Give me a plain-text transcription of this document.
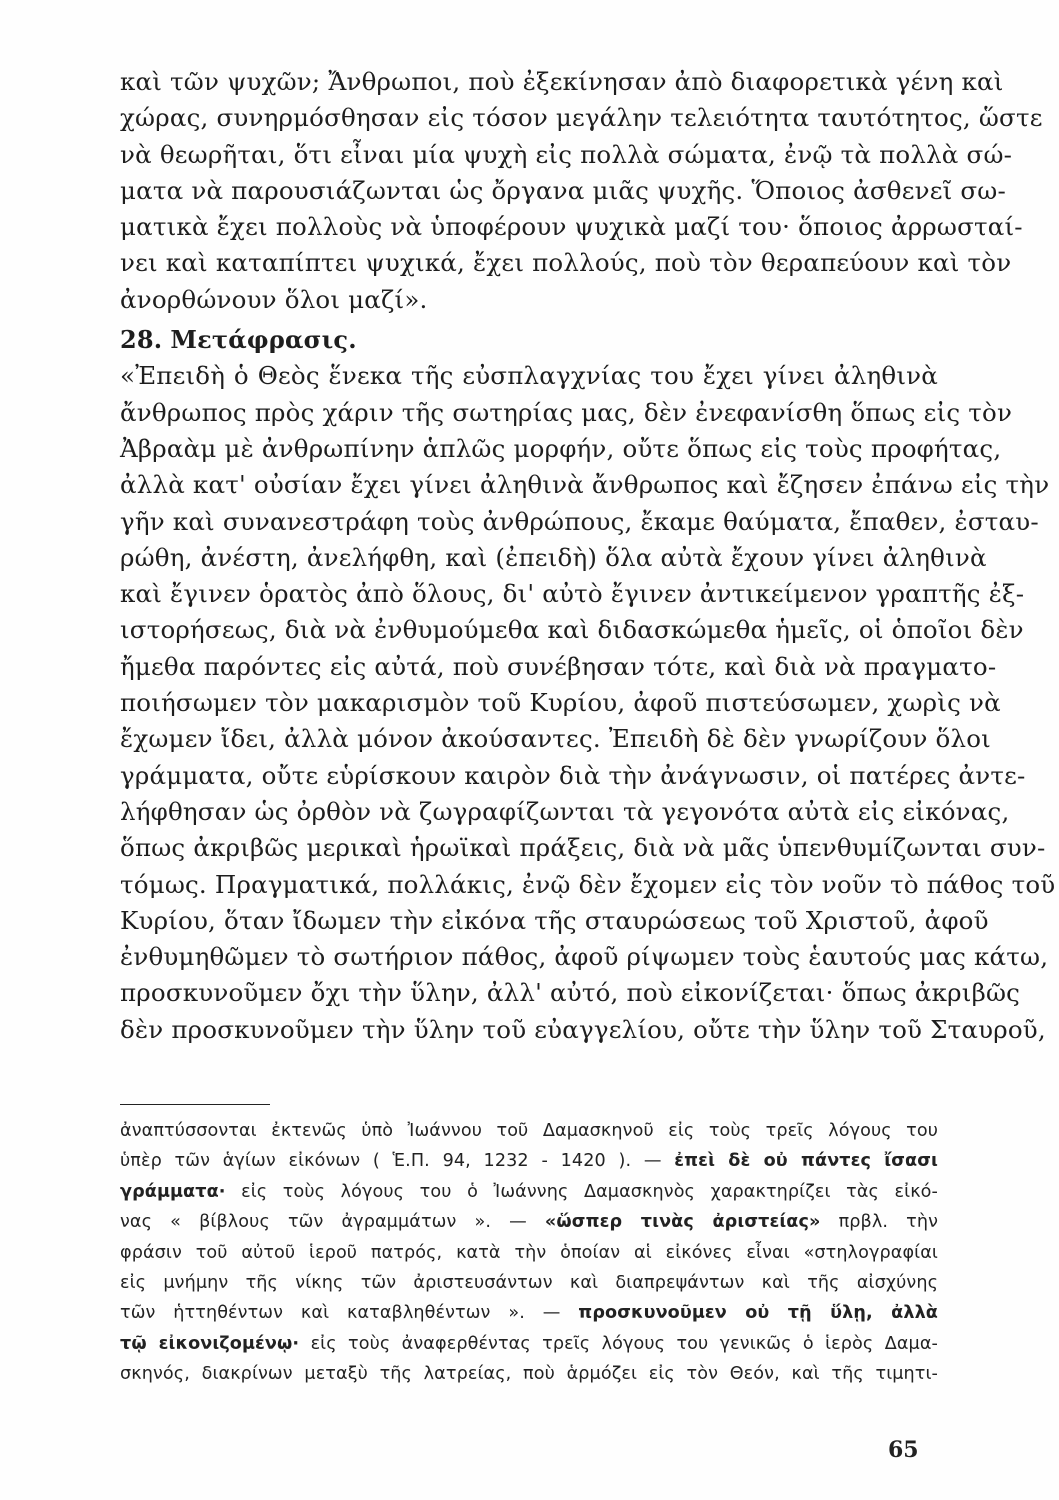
καὶ τῶν ψυχῶν; Ἄνθρωποι, ποὺ ἐξεκίνησαν ἀπὸ διαφορετικὰ γένη καὶ
χώρας, συνηρμόσθησαν εἰς τόσον μεγάλην τελειότητα ταυτότητος, ὥστε
νὰ θεωρῆται, ὅτι εἶναι μία ψυχὴ εἰς πολλὰ σώματα, ἐνῷ τὰ πολλὰ σώ-
ματα νὰ παρουσιάζωνται ὡς ὄργανα μιᾶς ψυχῆς. Ὅποιος ἀσθενεῖ σω-
ματικὰ ἔχει πολλοὺς νὰ ὑποφέρουν ψυχικὰ μαζί του· ὅποιος ἀρρωσταί-
νει καὶ καταπίπτει ψυχικά, ἔχει πολλούς, ποὺ τὸν θεραπεύουν καὶ τὸν
ἀνορθώνουν ὅλοι μαζί».
28. Μετάφρασις.
«Ἐπειδὴ ὁ Θεὸς ἕνεκα τῆς εὐσπλαγχνίας του ἔχει γίνει ἀληθινὰ
ἄνθρωπος πρὸς χάριν τῆς σωτηρίας μας, δὲν ἐνεφανίσθη ὅπως εἰς τὸν
Ἀβραὰμ μὲ ἀνθρωπίνην ἁπλῶς μορφήν, οὔτε ὅπως εἰς τοὺς προφήτας,
ἀλλὰ κατ' οὐσίαν ἔχει γίνει ἀληθινὰ ἄνθρωπος καὶ ἔζησεν ἐπάνω εἰς τὴν
γῆν καὶ συνανεστράφη τοὺς ἀνθρώπους, ἔκαμε θαύματα, ἔπαθεν, ἐσταυ-
ρώθη, ἀνέστη, ἀνελήφθη, καὶ (ἐπειδὴ) ὅλα αὐτὰ ἔχουν γίνει ἀληθινὰ
καὶ ἔγινεν ὁρατὸς ἀπὸ ὅλους, δι' αὐτὸ ἔγινεν ἀντικείμενον γραπτῆς ἐξ-
ιστορήσεως, διὰ νὰ ἐνθυμούμεθα καὶ διδασκώμεθα ἡμεῖς, οἱ ὁποῖοι δὲν
ἤμεθα παρόντες εἰς αὐτά, ποὺ συνέβησαν τότε, καὶ διὰ νὰ πραγματο-
ποιήσωμεν τὸν μακαρισμὸν τοῦ Κυρίου, ἀφοῦ πιστεύσωμεν, χωρὶς νὰ
ἔχωμεν ἴδει, ἀλλὰ μόνον ἀκούσαντες. Ἐπειδὴ δὲ δὲν γνωρίζουν ὅλοι
γράμματα, οὔτε εὑρίσκουν καιρὸν διὰ τὴν ἀνάγνωσιν, οἱ πατέρες ἀντε-
λήφθησαν ὡς ὀρθὸν νὰ ζωγραφίζωνται τὰ γεγονότα αὐτὰ εἰς εἰκόνας,
ὅπως ἀκριβῶς μερικαὶ ἡρωϊκαὶ πράξεις, διὰ νὰ μᾶς ὑπενθυμίζωνται συν-
τόμως. Πραγματικά, πολλάκις, ἐνῷ δὲν ἔχομεν εἰς τὸν νοῦν τὸ πάθος τοῦ
Κυρίου, ὅταν ἴδωμεν τὴν εἰκόνα τῆς σταυρώσεως τοῦ Χριστοῦ, ἀφοῦ
ἐνθυμηθῶμεν τὸ σωτήριον πάθος, ἀφοῦ ρίψωμεν τοὺς ἑαυτούς μας κάτω,
προσκυνοῦμεν ὄχι τὴν ὕλην, ἀλλ' αὐτό, ποὺ εἰκονίζεται· ὅπως ἀκριβῶς
δὲν προσκυνοῦμεν τὴν ὕλην τοῦ εὐαγγελίου, οὔτε τὴν ὕλην τοῦ Σταυροῦ,
ἀναπτύσσονται ἐκτενῶς ὑπὸ Ἰωάννου τοῦ Δαμασκηνοῦ εἰς τοὺς τρεῖς λόγους του
ὑπὲρ τῶν ἁγίων εἰκόνων ( Ἑ.Π. 94, 1232 - 1420 ). — ἐπεὶ δὲ οὐ πάντες ἴσασι
γράμματα· εἰς τοὺς λόγους του ὁ Ἰωάννης Δαμασκηνὸς χαρακτηρίζει τὰς εἰκό-
νας « βίβλους τῶν ἀγραμμάτων ». — «ὥσπερ τινὰς ἀριστείας» πρβλ. τὴν
φράσιν τοῦ αὐτοῦ ἱεροῦ πατρός, κατὰ τὴν ὁποίαν αἱ εἰκόνες εἶναι «στηλογραφίαι
εἰς μνήμην τῆς νίκης τῶν ἀριστευσάντων καὶ διαπρεψάντων καὶ τῆς αἰσχύνης
τῶν ἡττηθέντων καὶ καταβληθέντων ». — προσκυνοῦμεν οὐ τῇ ὕλῃ, ἀλλὰ
τῷ εἰκονιζομένῳ· εἰς τοὺς ἀναφερθέντας τρεῖς λόγους του γενικῶς ὁ ἱερὸς Δαμα-
σκηνός, διακρίνων μεταξὺ τῆς λατρείας, ποὺ ἁρμόζει εἰς τὸν Θεόν, καὶ τῆς τιμητι-
65
